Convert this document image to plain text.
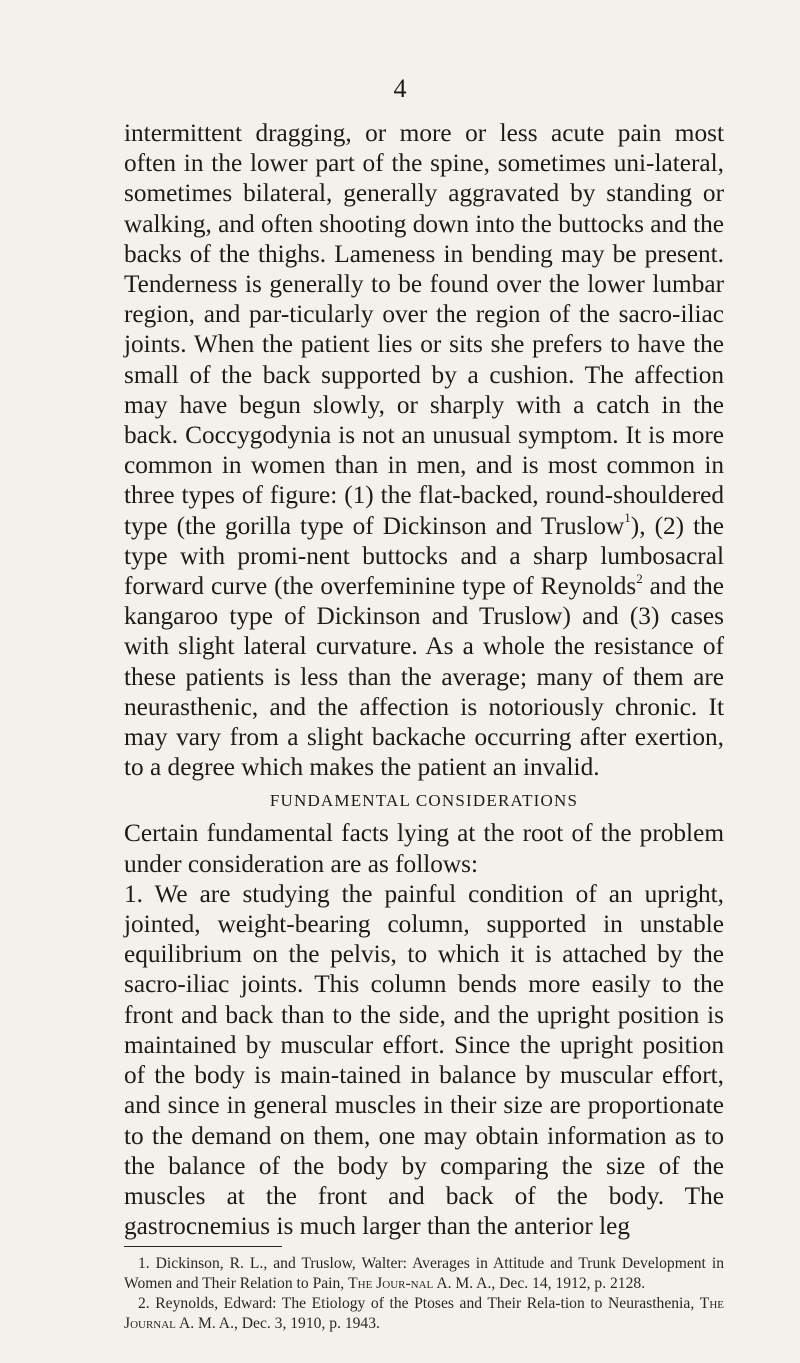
4

intermittent dragging, or more or less acute pain most often in the lower part of the spine, sometimes uni-lateral, sometimes bilateral, generally aggravated by standing or walking, and often shooting down into the buttocks and the backs of the thighs. Lameness in bending may be present. Tenderness is generally to be found over the lower lumbar region, and par-ticularly over the region of the sacro-iliac joints. When the patient lies or sits she prefers to have the small of the back supported by a cushion. The affection may have begun slowly, or sharply with a catch in the back. Coccygodynia is not an unusual symptom. It is more common in women than in men, and is most common in three types of figure: (1) the flat-backed, round-shouldered type (the gorilla type of Dickinson and Truslow$^1$), (2) the type with promi-nent buttocks and a sharp lumbosacral forward curve (the overfeminine type of Reynolds$^2$ and the kangaroo type of Dickinson and Truslow) and (3) cases with slight lateral curvature. As a whole the resistance of these patients is less than the average; many of them are neurasthenic, and the affection is notoriously chronic. It may vary from a slight backache occurring after exertion, to a degree which makes the patient an invalid.

FUNDAMENTAL CONSIDERATIONS

Certain fundamental facts lying at the root of the problem under consideration are as follows:

1. We are studying the painful condition of an upright, jointed, weight-bearing column, supported in unstable equilibrium on the pelvis, to which it is attached by the sacro-iliac joints. This column bends more easily to the front and back than to the side, and the upright position is maintained by muscular effort. Since the upright position of the body is main-tained in balance by muscular effort, and since in general muscles in their size are proportionate to the demand on them, one may obtain information as to the balance of the body by comparing the size of the muscles at the front and back of the body. The gastrocnemius is much larger than the anterior leg

1. Dickinson, R. L., and Truslow, Walter: Averages in Attitude and Trunk Development in Women and Their Relation to Pain, The Jour-nal A. M. A., Dec. 14, 1912, p. 2128.

2. Reynolds, Edward: The Etiology of the Ptoses and Their Rela-tion to Neurasthenia, The Journal A. M. A., Dec. 3, 1910, p. 1943.
